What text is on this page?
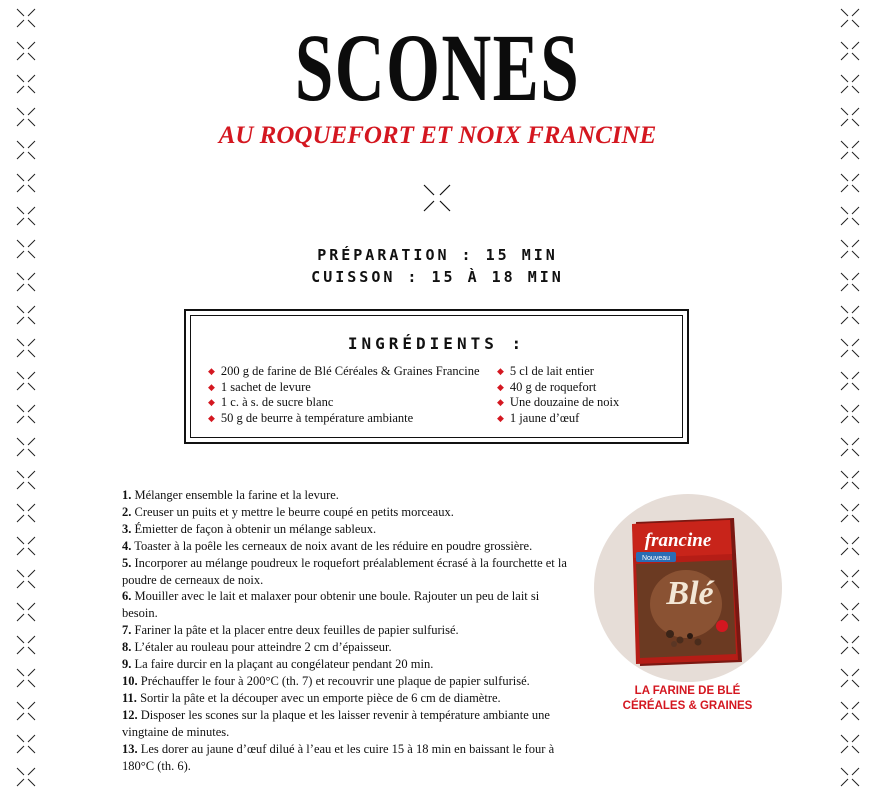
SCONES
AU ROQUEFORT ET NOIX FRANCINE
PRÉPARATION : 15 MIN
CUISSON : 15 À 18 MIN
INGRÉDIENTS :
◆ 200 g de farine de Blé Céréales & Graines Francine
◆ 1 sachet de levure
◆ 1 c. à s. de sucre blanc
◆ 50 g de beurre à température ambiante
◆ 5 cl de lait entier
◆ 40 g de roquefort
◆ Une douzaine de noix
◆ 1 jaune d’œuf
1. Mélanger ensemble la farine et la levure.
2. Creuser un puits et y mettre le beurre coupé en petits morceaux.
3. Émietter de façon à obtenir un mélange sableux.
4. Toaster à la poêle les cerneaux de noix avant de les réduire en poudre grossière.
5. Incorporer au mélange poudreux le roquefort préalablement écrasé à la fourchette et la poudre de cerneaux de noix.
6. Mouiller avec le lait et malaxer pour obtenir une boule. Rajouter un peu de lait si besoin.
7. Fariner la pâte et la placer entre deux feuilles de papier sulfurisé.
8. L’étaler au rouleau pour atteindre 2 cm d’épaisseur.
9. La faire durcir en la plaçant au congélateur pendant 20 min.
10. Préchauffer le four à 200°C (th. 7) et recouvrir une plaque de papier sulfurisé.
11. Sortir la pâte et la découper avec un emporte pièce de 6 cm de diamètre.
12. Disposer les scones sur la plaque et les laisser revenir à température ambiante une vingtaine de minutes.
13. Les dorer au jaune d’œuf dilué à l’eau et les cuire 15 à 18 min en baissant le four à 180°C (th. 6).
francine
Nouveau
Blé
LA FARINE DE BLÉ
CÉRÉALES & GRAINES
